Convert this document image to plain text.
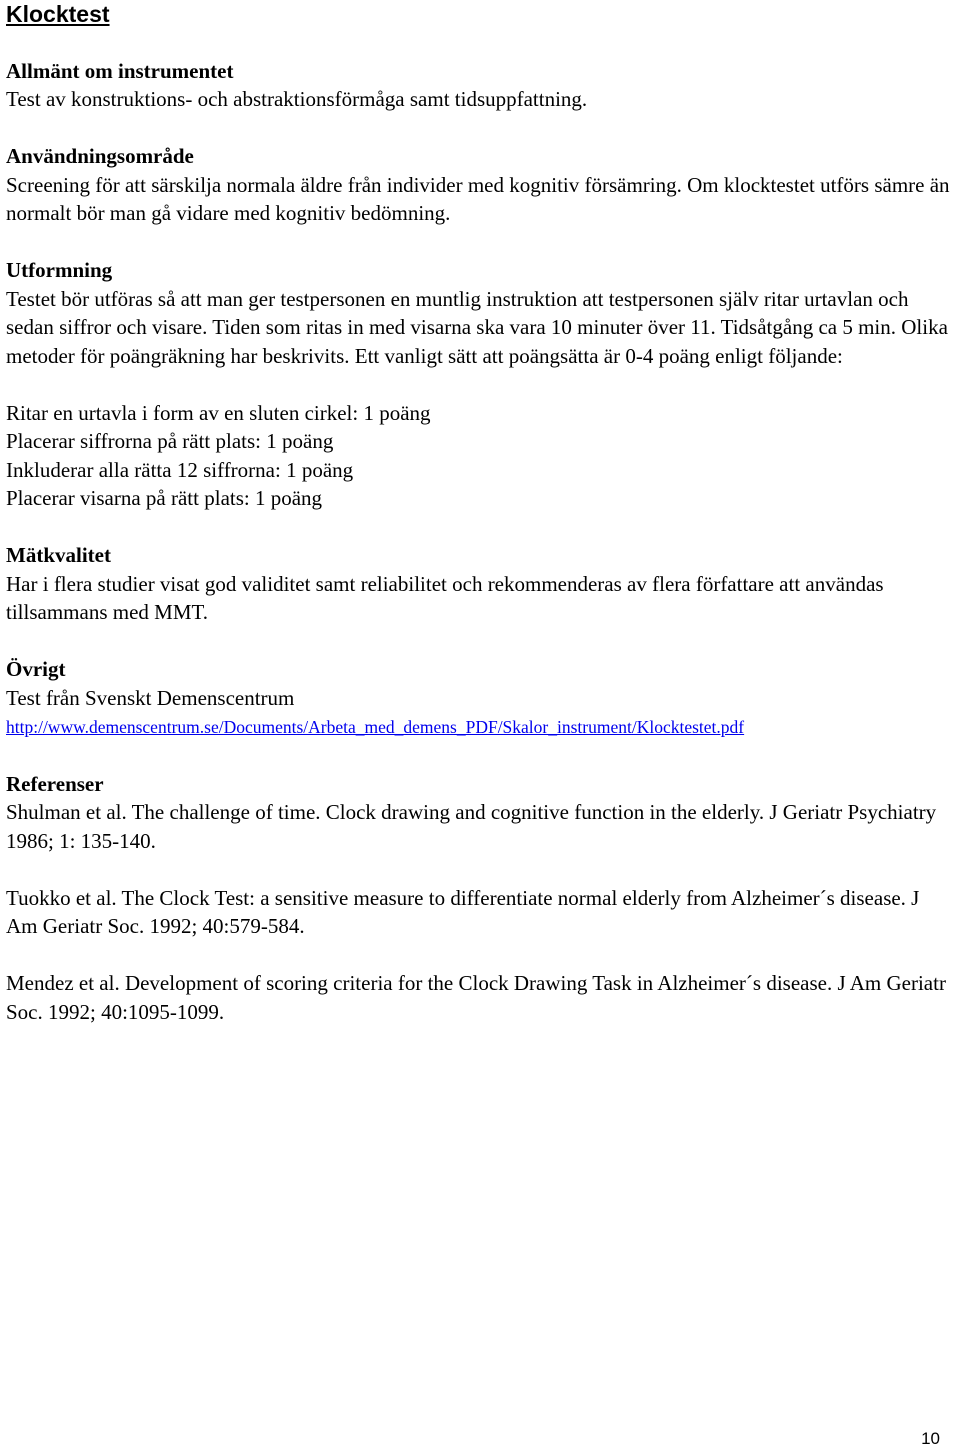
Klocktest
Allmänt om instrumentet
Test av konstruktions- och abstraktionsförmåga samt tidsuppfattning.
Användningsområde
Screening för att särskilja normala äldre från individer med kognitiv försämring. Om klocktestet utförs sämre än normalt bör man gå vidare med kognitiv bedömning.
Utformning
Testet bör utföras så att man ger testpersonen en muntlig instruktion att testpersonen själv ritar urtavlan och sedan siffror och visare. Tiden som ritas in med visarna ska vara 10 minuter över 11. Tidsåtgång ca 5 min. Olika metoder för poängräkning har beskrivits. Ett vanligt sätt att poängsätta är 0-4 poäng enligt följande:
Ritar en urtavla i form av en sluten cirkel: 1 poäng
Placerar siffrorna på rätt plats: 1 poäng
Inkluderar alla rätta 12 siffrorna: 1 poäng
Placerar visarna på rätt plats: 1 poäng
Mätkvalitet
Har i flera studier visat god validitet samt reliabilitet och rekommenderas av flera författare att användas tillsammans med MMT.
Övrigt
Test från Svenskt Demenscentrum
http://www.demenscentrum.se/Documents/Arbeta_med_demens_PDF/Skalor_instrument/Klocktestet.pdf
Referenser
Shulman et al. The challenge of time. Clock drawing and cognitive function in the elderly. J Geriatr Psychiatry 1986; 1: 135-140.
Tuokko et al. The Clock Test: a sensitive measure to differentiate normal elderly from Alzheimer´s disease. J Am Geriatr Soc. 1992; 40:579-584.
Mendez et al. Development of scoring criteria for the Clock Drawing Task in Alzheimer´s disease. J Am Geriatr Soc. 1992; 40:1095-1099.
10
